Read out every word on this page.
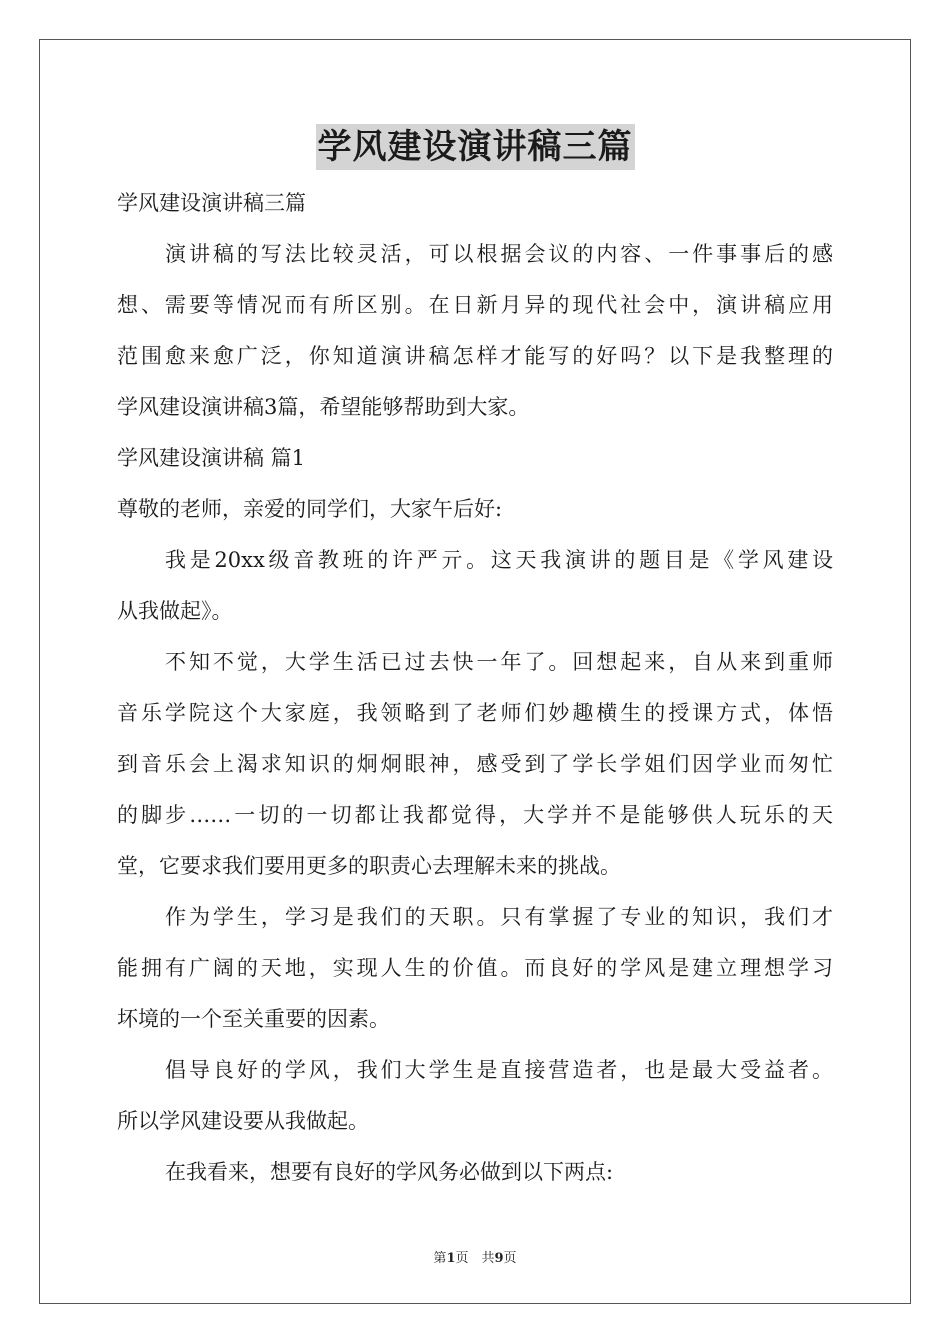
学风建设演讲稿三篇
学风建设演讲稿三篇
演讲稿的写法比较灵活，可以根据会议的内容、一件事事后的感
想、需要等情况而有所区别。在日新月异的现代社会中，演讲稿应用
范围愈来愈广泛，你知道演讲稿怎样才能写的好吗？以下是我整理的
学风建设演讲稿3篇，希望能够帮助到大家。
学风建设演讲稿 篇1
尊敬的老师，亲爱的同学们，大家午后好:
我是20xx级音教班的许严亓。这天我演讲的题目是《学风建设
从我做起》。
不知不觉，大学生活已过去快一年了。回想起来，自从来到重师
音乐学院这个大家庭，我领略到了老师们妙趣横生的授课方式，体悟
到音乐会上渴求知识的炯炯眼神，感受到了学长学姐们因学业而匆忙
的脚步……一切的一切都让我都觉得，大学并不是能够供人玩乐的天
堂，它要求我们要用更多的职责心去理解未来的挑战。
作为学生，学习是我们的天职。只有掌握了专业的知识，我们才
能拥有广阔的天地，实现人生的价值。而良好的学风是建立理想学习
坏境的一个至关重要的因素。
倡导良好的学风，我们大学生是直接营造者，也是最大受益者。
所以学风建设要从我做起。
在我看来，想要有良好的学风务必做到以下两点:
第1页　共9页
